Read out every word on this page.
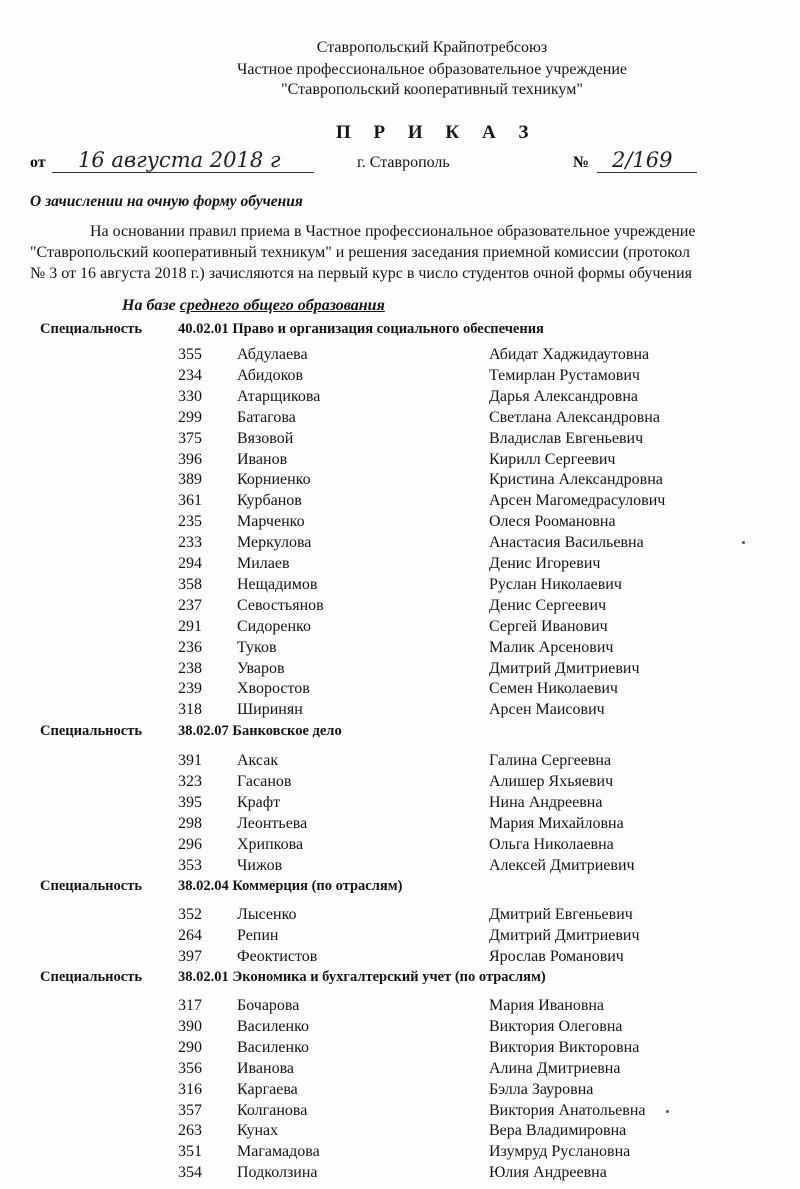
Ставропольский Крайпотребсоюз
Частное профессиональное образовательное учреждение
"Ставропольский кооперативный техникум"
П Р И К А З
от 16 августа 2018 г	г. Ставрополь	№ 2/169
О зачислении на очную форму обучения
На основании правил приема в Частное профессиональное образовательное учреждение
"Ставропольский кооперативный техникум" и решения заседания приемной комиссии (протокол
№ 3 от 16 августа 2018 г.) зачисляются на первый курс в число студентов очной формы обучения
На базе среднего общего образования
Специальность 40.02.01 Право и организация социального обеспечения
355 Абдулаева	Абидат Хаджидаутовна
234 Абидоков	Темирлан Рустамович
330 Атарщикова	Дарья Александровна
299 Батагова	Светлана Александровна
375 Вязовой	Владислав Евгеньевич
396 Иванов	Кирилл Сергеевич
389 Корниенко	Кристина Александровна
361 Курбанов	Арсен Магомедрасулович
235 Марченко	Олеся Роомановна
233 Меркулова	Анастасия Васильевна
294 Милаев	Денис Игоревич
358 Нещадимов	Руслан Николаевич
237 Севостьянов	Денис Сергеевич
291 Сидоренко	Сергей Иванович
236 Туков	Малик Арсенович
238 Уваров	Дмитрий Дмитриевич
239 Хворостов	Семен Николаевич
318 Ширинян	Арсен Маисович
Специальность 38.02.07 Банковское дело
391 Аксак	Галина Сергеевна
323 Гасанов	Алишер Яхьяевич
395 Крафт	Нина Андреевна
298 Леонтьева	Мария Михайловна
296 Хрипкова	Ольга Николаевна
353 Чижов	Алексей Дмитриевич
Специальность 38.02.04 Коммерция (по отраслям)
352 Лысенко	Дмитрий Евгеньевич
264 Репин	Дмитрий Дмитриевич
397 Феоктистов	Ярослав Романович
Специальность 38.02.01 Экономика и бухгалтерский учет (по отраслям)
317 Бочарова	Мария Ивановна
390 Василенко	Виктория Олеговна
290 Василенко	Виктория Викторовна
356 Иванова	Алина Дмитриевна
316 Каргаева	Бэлла Зауровна
357 Колганова	Виктория Анатольевна
263 Кунах	Вера Владимировна
351 Магамадова	Изумруд Руслановна
354 Подколзина	Юлия Андреевна
